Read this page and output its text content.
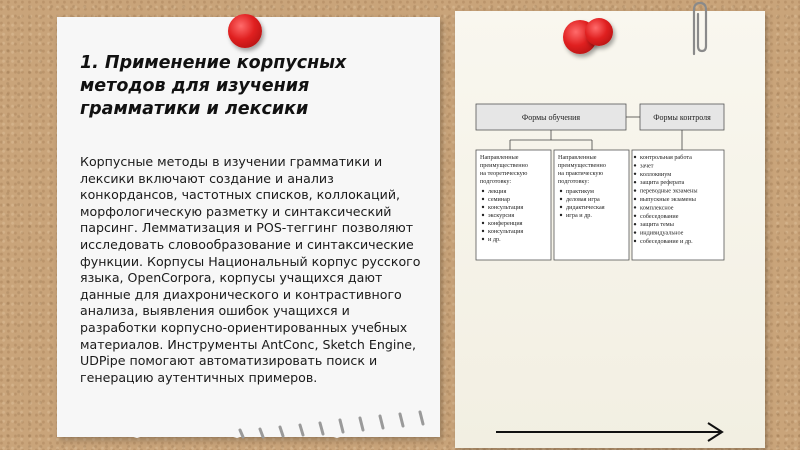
1. Применение корпусных методов для изучения грамматики и лексики

Корпусные методы в изучении грамматики и лексики включают создание и анализ конкордансов, частотных списков, коллокаций, морфологическую разметку и синтаксический парсинг. Лемматизация и POS-теггинг позволяют исследовать словообразование и синтаксические функции. Корпусы Национальный корпус русского языка, OpenCorpora, корпусы учащихся дают данные для диахронического и контрастивного анализа, выявления ошибок учащихся и разработки корпусно-ориентированных учебных материалов. Инструменты AntConc, Sketch Engine, UDPipe помогают автоматизировать поиск и генерацию аутентичных примеров.

Формы обучения	Формы контроля
Направленные преимущественно на теоретическую подготовку:
лекция
семинар
консультация
экскурсия
конференция
консультация
и др.
Направленные преимущественно на практическую подготовку:
практикум
деловая игра
дидактическая
игра и др.
контрольная работа
зачет
коллоквиум
защита реферата
переводные экзамены
выпускные экзамены
комплексное
собеседование
защита темы
индивидуальное
собеседование и др.
